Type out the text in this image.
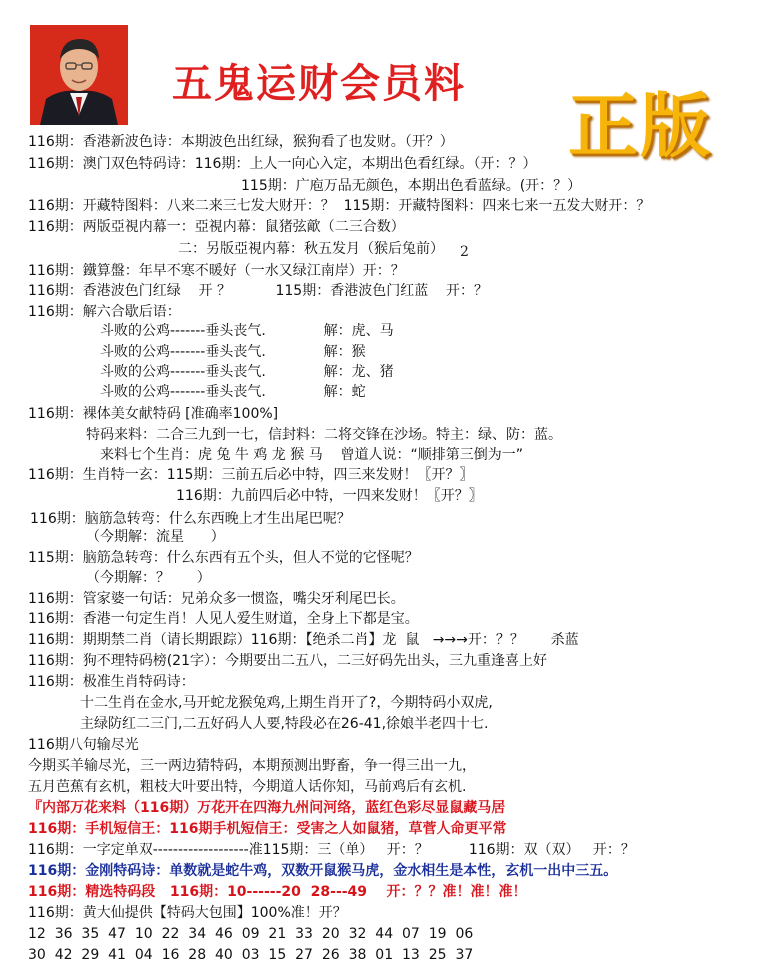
五鬼运财会员料
正版
2
116期：香港新波色诗：本期波色出红绿，猴狗看了也发财。（开？）
116期：澳门双色特码诗：116期：上人一向心入定，本期出色看红绿。（开：？）
115期：广庖万品无颜色，本期出色看蓝绿。(开：？）
116期：开藏特图料：八来二来三七发大财开：？  115期：开藏特图料：四来七来一五发大财开：？
116期：两版亞視内幕一：亞視内幕：鼠猪弦歒（二三合数）
二：另版亞視内幕：秋五发月（猴后兔前）
116期：鐵算盤：年早不寒不暖好（一水又绿江南岸）开：？
116期：香港波色门红绿    开 ？          115期：香港波色门红蓝    开：？
116期：解六合歇后语：
斗败的公鸡-------垂头丧气.             解：虎、马
斗败的公鸡-------垂头丧气.             解：猴
斗败的公鸡-------垂头丧气.             解：龙、猪
斗败的公鸡-------垂头丧气.             解：蛇
116期：裸体美女献特码 [准确率100%]
特码来料：二合三九到一七，信封料：二将交锋在沙场。特主：绿、防：蓝。
来料七个生肖：虎 兔 牛 鸡 龙 猴 马    曾道人说：“顺排第三倒为一”
116期：生肖特一玄：115期：三前五后必中特，四三来发财！〖开？〗
116期：九前四后必中特，一四来发财！〖开？〗
116期：脑筋急转弯：什么东西晚上才生出尾巴呢？
（今期解：流星      ）
115期：脑筋急转弯：什么东西有五个头，但人不觉的它怪呢？
（今期解：？      ）
116期：管家婆一句话：兄弟众多一惯盗，嘴尖牙利尾巴长。
116期：香港一句定生肖！人见人爱生财道，全身上下都是宝。
116期：期期禁二肖（请长期跟踪）116期：【绝杀二肖】龙  鼠   →→→开：？？      杀蓝
116期：狗不理特码榜(21字）：今期要出二五八，二三好码先出头，三九重逢喜上好
116期：极准生肖特码诗：
十二生肖在金水,马开蛇龙猴兔鸡,上期生肖开了?，今期特码小双虎,
主绿防红二三门,二五好码人人要,特段必在26-41,徐娘半老四十七.
116期八句输尽光
今期买羊输尽光，三一两边猜特码，本期预测出野畜，争一得三出一九，
五月芭蕉有玄机，粗枝大叶要出特，今期道人话你知，马前鸡后有玄机.
『内部万花来料（116期）万花开在四海九州问河络，蓝红色彩尽显鼠藏马居
116期：手机短信王：116期手机短信王：受害之人如鼠猪，草菅人命更平常
116期：一字定单双-------------------准115期：三（单）   开：？         116期：双（双）   开：？
116期：金刚特码诗：单数就是蛇牛鸡，双数开鼠猴马虎，金水相生是本性，玄机一出中三五。
116期：精选特码段   116期：10------20  28---49    开：？？准！准！准！
116期：黄大仙提供【特码大包围】100%准！开？
12  36  35  47  10  22  34  46  09  21  33  20  32  44  07  19  06
30  42  29  41  04  16  28  40  03  15  27  26  38  01  13  25  37
